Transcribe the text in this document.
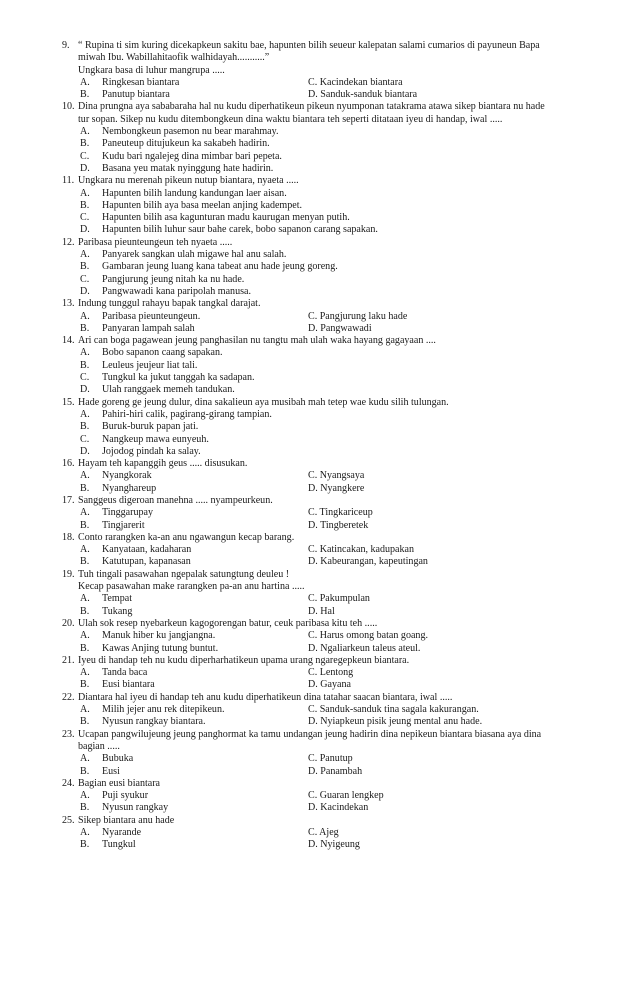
9. “ Rupina ti sim kuring dicekapkeun sakitu bae, hapunten bilih seueur kalepatan salami cumarios di payuneun Bapa
miwah Ibu. Wabillahitaofik walhidayah...........”
Ungkara basa di luhur mangrupa .....
A.	Ringkesan biantara	C. Kacindekan biantara
B.	Panutup biantara	D. Sanduk-sanduk biantara
10. Dina prungna aya sababaraha hal nu kudu diperhatikeun pikeun nyumponan tatakrama atawa sikep biantara nu hade
tur sopan. Sikep nu kudu ditembongkeun dina waktu biantara teh seperti ditataan iyeu di handap, iwal .....
A.	Nembongkeun pasemon nu bear marahmay.
B.	Paneuteup ditujukeun ka sakabeh hadirin.
C.	Kudu bari ngalejeg dina mimbar bari pepeta.
D.	Basana yeu matak nyinggung hate hadirin.
11. Ungkara nu merenah pikeun nutup biantara, nyaeta .....
A.	Hapunten bilih landung kandungan laer aisan.
B.	Hapunten bilih aya basa meelan anjing kadempet.
C.	Hapunten bilih asa kagunturan madu kaurugan menyan putih.
D.	Hapunten bilih luhur saur bahe carek, bobo sapanon carang sapakan.
12. Paribasa pieunteungeun teh nyaeta .....
A.	Panyarek sangkan ulah migawe hal anu salah.
B.	Gambaran jeung luang kana tabeat anu hade jeung goreng.
C.	Pangjurung jeung nitah ka nu hade.
D.	Pangwawadi kana paripolah manusa.
13. Indung tunggul rahayu bapak tangkal darajat.
A.	Paribasa pieunteungeun.	C. Pangjurung laku hade
B.	Panyaran lampah salah	D. Pangwawadi
14. Ari can boga pagawean jeung panghasilan nu tangtu mah ulah waka hayang gagayaan ....
A.	Bobo sapanon caang sapakan.
B.	Leuleus jeujeur liat tali.
C.	Tungkul ka jukut tanggah ka sadapan.
D.	Ulah ranggaek memeh tandukan.
15. Hade goreng ge jeung dulur, dina sakalieun aya musibah mah tetep wae kudu silih tulungan.
A.	Pahiri-hiri calik, pagirang-girang tampian.
B.	Buruk-buruk papan jati.
C.	Nangkeup mawa eunyeuh.
D.	Jojodog pindah ka salay.
16. Hayam teh kapanggih geus ..... disusukan.
A.	Nyangkorak	C. Nyangsaya
B.	Nyanghareup	D. Nyangkere
17. Sanggeus digeroan manehna ..... nyampeurkeun.
A.	Tinggarupay	C. Tingkariceup
B.	Tingjarerit	D. Tingberetek
18. Conto rarangken ka-an anu ngawangun kecap barang.
A.	Kanyataan, kadaharan	C. Katincakan, kadupakan
B.	Katutupan, kapanasan	D. Kabeurangan, kapeutingan
19. Tuh tingali pasawahan ngepalak satungtung deuleu !
Kecap pasawahan make rarangken pa-an anu hartina .....
A.	Tempat	C. Pakumpulan
B.	Tukang	D. Hal
20. Ulah sok resep nyebarkeun kagogorengan batur, ceuk paribasa kitu teh .....
A.	Manuk hiber ku jangjangna.	C. Harus omong batan goang.
B.	Kawas Anjing tutung buntut.	D. Ngaliarkeun taleus ateul.
21. Iyeu di handap teh nu kudu diperharhatikeun upama urang ngaregepkeun biantara.
A.	Tanda baca	C. Lentong
B.	Eusi biantara	D. Gayana
22. Diantara hal iyeu di handap teh anu kudu diperhatikeun dina tatahar saacan biantara, iwal .....
A.	Milih jejer anu rek ditepikeun.	C. Sanduk-sanduk tina sagala kakurangan.
B.	Nyusun rangkay biantara.	D. Nyiapkeun pisik jeung mental anu hade.
23. Ucapan pangwilujeung jeung panghormat ka tamu undangan jeung hadirin dina nepikeun biantara biasana aya dina
bagian .....
A.	Bubuka	C. Panutup
B.	Eusi	D. Panambah
24. Bagian eusi biantara
A.	Puji syukur	C. Guaran lengkep
B.	Nyusun rangkay	D. Kacindekan
25. Sikep biantara anu hade
A.	Nyarande	C. Ajeg
B.	Tungkul	D. Nyigeung
